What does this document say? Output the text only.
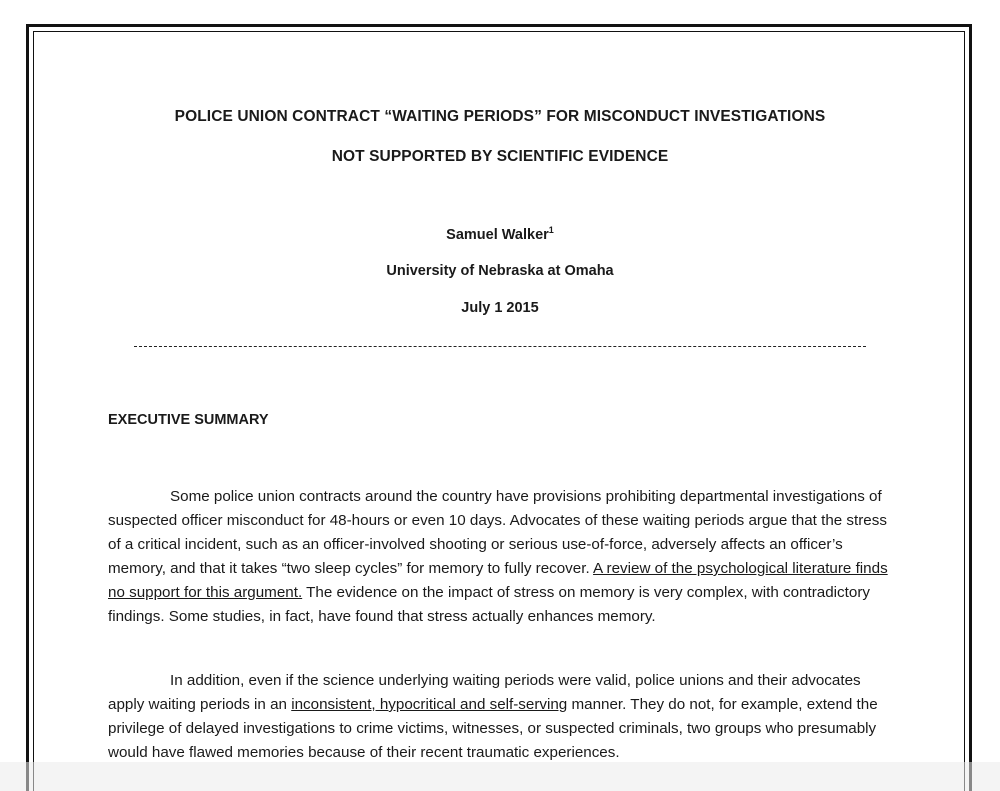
POLICE UNION CONTRACT “WAITING PERIODS” FOR MISCONDUCT INVESTIGATIONS
NOT SUPPORTED BY SCIENTIFIC EVIDENCE
Samuel Walker$^1$
University of Nebraska at Omaha
July 1 2015
EXECUTIVE SUMMARY

Some police union contracts around the country have provisions prohibiting departmental investigations of suspected officer misconduct for 48-hours or even 10 days. Advocates of these waiting periods argue that the stress of a critical incident, such as an officer-involved shooting or serious use-of-force, adversely affects an officer’s memory, and that it takes “two sleep cycles” for memory to fully recover. A review of the psychological literature finds no support for this argument. The evidence on the impact of stress on memory is very complex, with contradictory findings. Some studies, in fact, have found that stress actually enhances memory.

In addition, even if the science underlying waiting periods were valid, police unions and their advocates apply waiting periods in an inconsistent, hypocritical and self-serving manner. They do not, for example, extend the privilege of delayed investigations to crime victims, witnesses, or suspected criminals, two groups who presumably would have flawed memories because of their recent traumatic experiences.
